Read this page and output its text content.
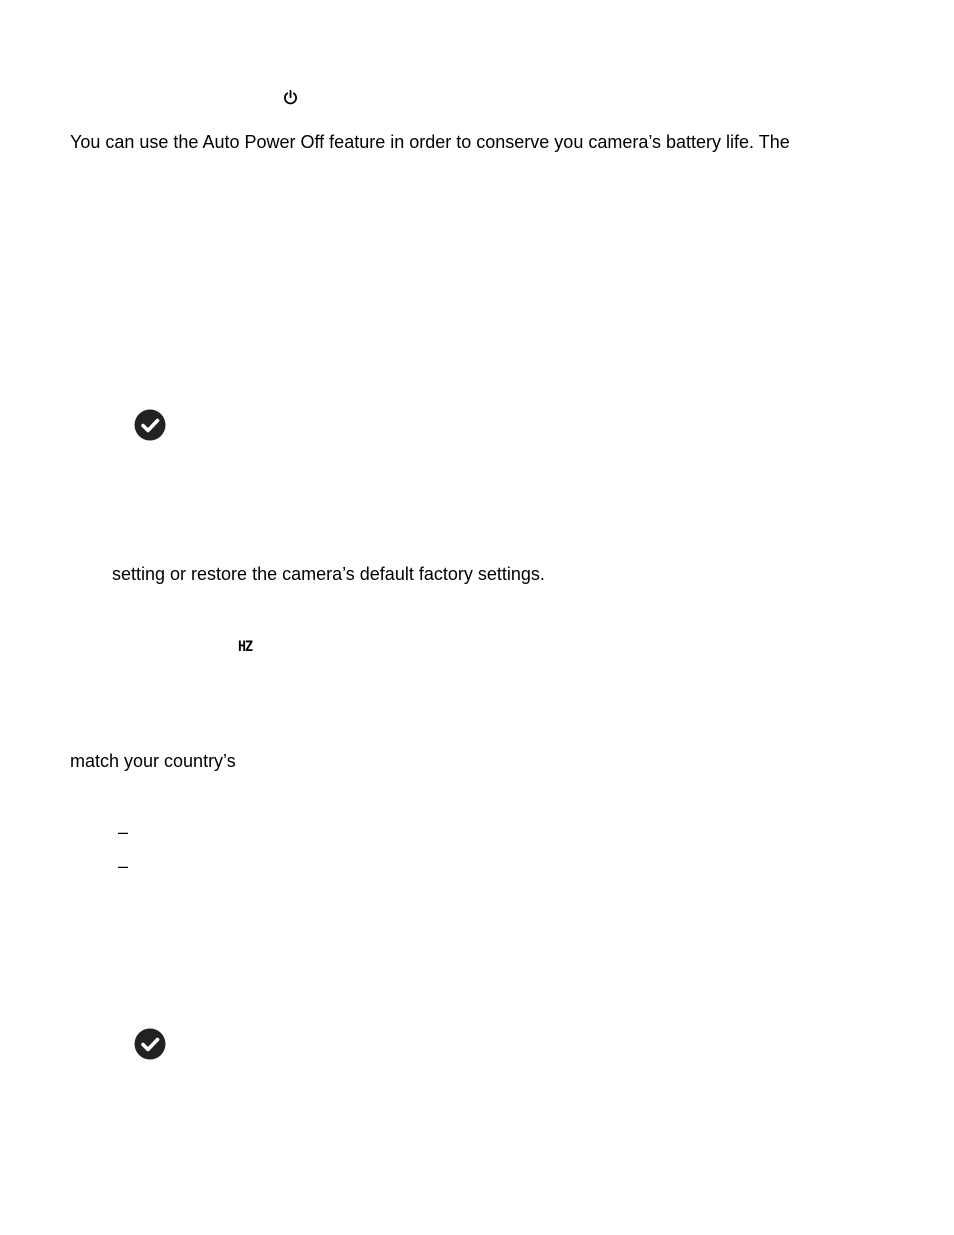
You can use the Auto Power Off feature in order to conserve you camera’s battery life. The
setting or restore the camera’s default factory settings.
HZ
match your country’s
–
–
